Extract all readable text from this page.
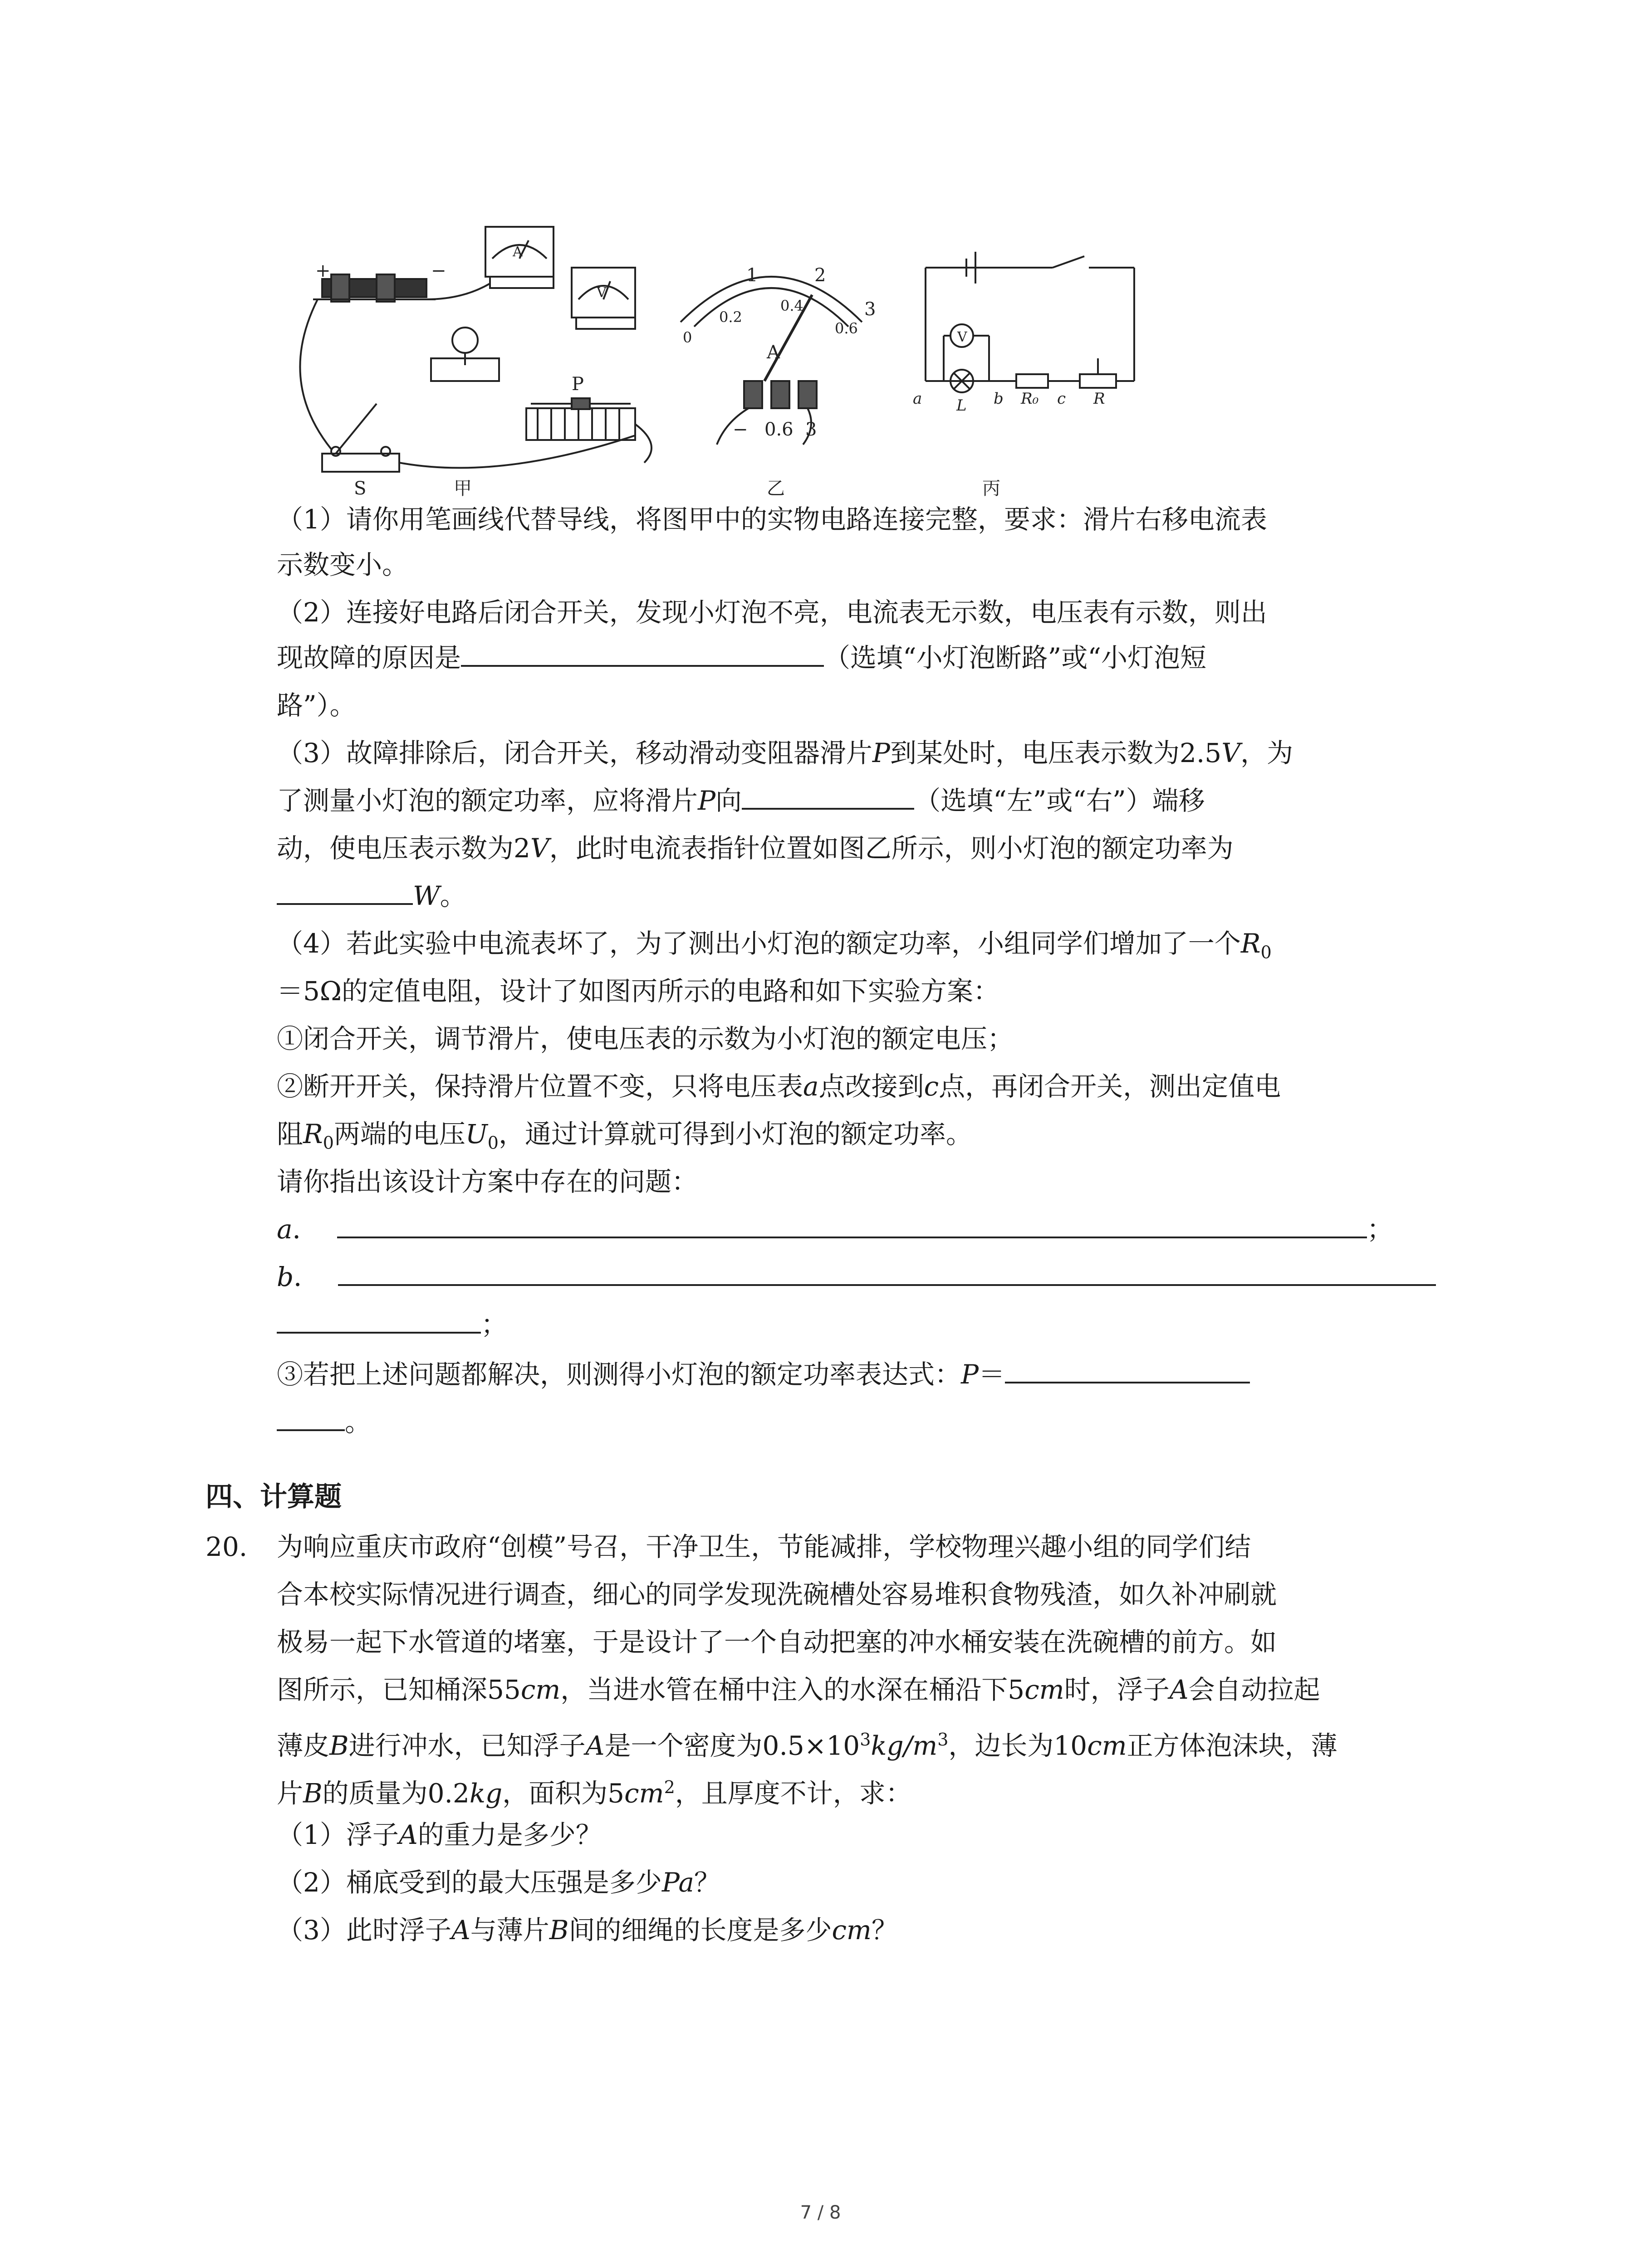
+	−
A
V
P
S
1	2
3
0
0.2
0.4
0.6
A
− 0.6 3
V
a L b R₀ c R
甲	乙	丙
（1）请你用笔画线代替导线，将图甲中的实物电路连接完整，要求：滑片右移电流表
示数变小。
（2）连接好电路后闭合开关，发现小灯泡不亮，电流表无示数，电压表有示数，则出
现故障的原因是	（选填“小灯泡断路”或“小灯泡短
路”）。
（3）故障排除后，闭合开关，移动滑动变阻器滑片P到某处时，电压表示数为2.5V，为
了测量小灯泡的额定功率，应将滑片P向	（选填“左”或“右”）端移
动，使电压表示数为2V，此时电流表指针位置如图乙所示，则小灯泡的额定功率为
W。
（4）若此实验中电流表坏了，为了测出小灯泡的额定功率，小组同学们增加了一个$R_0$
＝5Ω的定值电阻，设计了如图丙所示的电路和如下实验方案：
①闭合开关，调节滑片，使电压表的示数为小灯泡的额定电压；
②断开开关，保持滑片位置不变，只将电压表a点改接到c点，再闭合开关，测出定值电
阻$R_0$两端的电压$U_0$，通过计算就可得到小灯泡的额定功率。
请你指出该设计方案中存在的问题：
a．	；
b．
；
③若把上述问题都解决，则测得小灯泡的额定功率表达式：P＝
。
四、计算题
20. 为响应重庆市政府“创模”号召，干净卫生，节能减排，学校物理兴趣小组的同学们结
合本校实际情况进行调查，细心的同学发现洗碗槽处容易堆积食物残渣，如久补冲刷就
极易一起下水管道的堵塞，于是设计了一个自动把塞的冲水桶安装在洗碗槽的前方。如
图所示，已知桶深55cm，当进水管在桶中注入的水深在桶沿下5cm时，浮子A会自动拉起
薄皮B进行冲水，已知浮子A是一个密度为$0.5\times 10^3kg/m^3$，边长为10cm正方体泡沫块，薄
片B的质量为0.2kg，面积为$5cm^2$，且厚度不计，求：
（1）浮子A的重力是多少？
（2）桶底受到的最大压强是多少Pa？
（3）此时浮子A与薄片B间的细绳的长度是多少cm？
7 / 8
